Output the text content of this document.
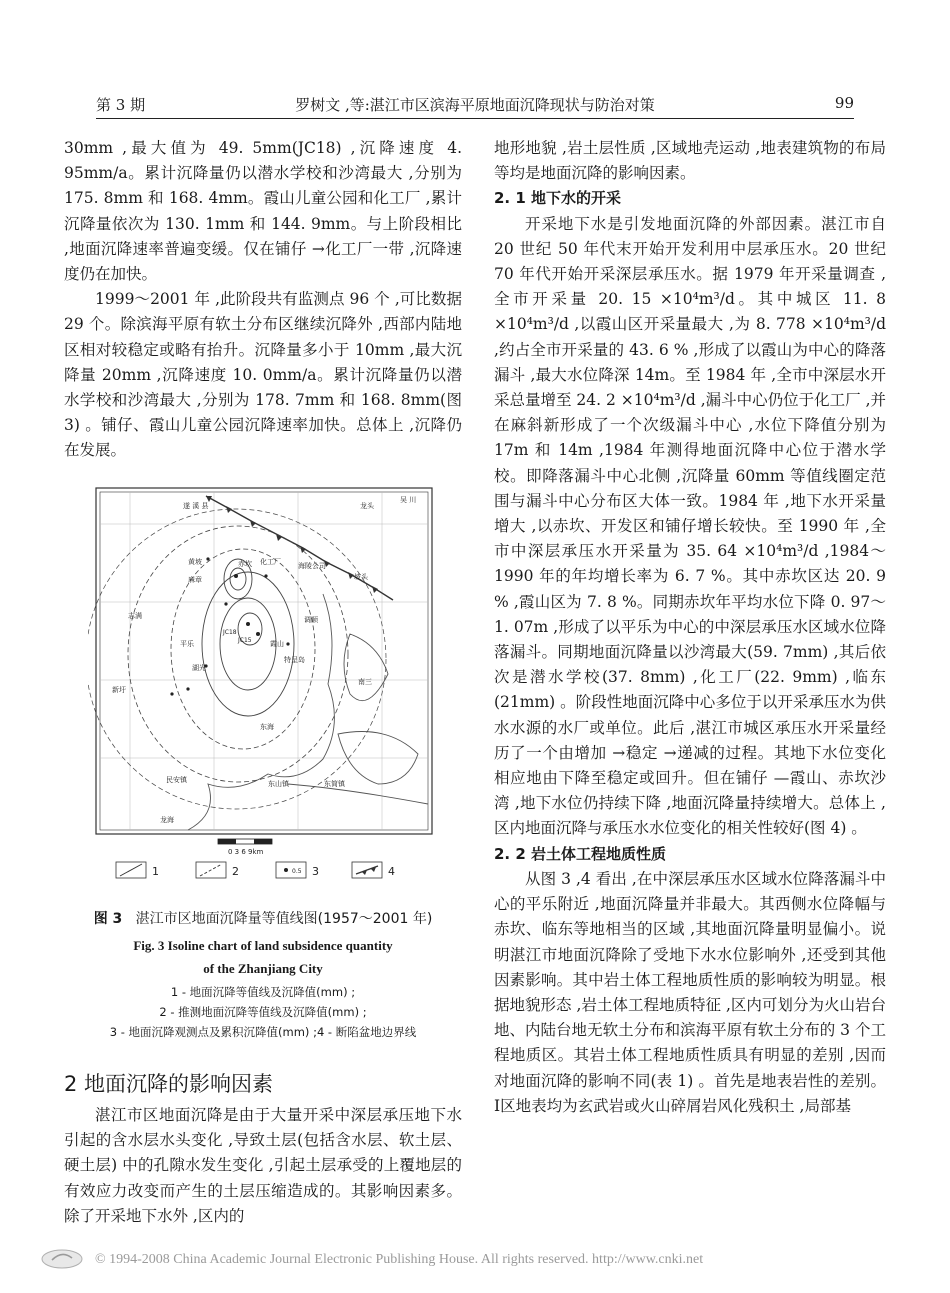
第 3 期	罗树文 ,等:湛江市区滨海平原地面沉降现状与防治对策	99

30mm ,最大值为 49. 5mm(JC18) ,沉降速度 4. 95mm/a。累计沉降量仍以潜水学校和沙湾最大 ,分别为 175. 8mm 和 168. 4mm。霞山儿童公园和化工厂 ,累计沉降量依次为 130. 1mm 和 144. 9mm。与上阶段相比 ,地面沉降速率普遍变缓。仅在铺仔 →化工厂一带 ,沉降速度仍在加快。

1999～2001 年 ,此阶段共有监测点 96 个 ,可比数据 29 个。除滨海平原有软土分布区继续沉降外 ,西部内陆地区相对较稳定或略有抬升。沉降量多小于 10mm ,最大沉降量 20mm ,沉降速度 10. 0mm/a。累计沉降量仍以潜水学校和沙湾最大 ,分别为 178. 7mm 和 168. 8mm(图 3) 。铺仔、霞山儿童公园沉降速率加快。总体上 ,沉降仍在发展。

遂 溪 县
吴 川
龙头
黄坡
志满
坡头
海陵公司
化工厂
赤坎
霞山
平乐
东山镇	东简镇
东海
特呈岛
南三
新圩
龙海
麻章
湖光
民安镇
调顺
JC18
JC15
0 3 6 9km
1	2	0.5 3	4
图 3 湛江市区地面沉降量等值线图(1957～2001 年)
Fig. 3 Isoline chart of land subsidence quantity
of the Zhanjiang City
1 - 地面沉降等值线及沉降值(mm) ;
2 - 推测地面沉降等值线及沉降值(mm) ;
3 - 地面沉降观测点及累积沉降值(mm) ;4 - 断陷盆地边界线
2 地面沉降的影响因素

湛江市区地面沉降是由于大量开采中深层承压地下水引起的含水层水头变化 ,导致土层(包括含水层、软土层、硬土层) 中的孔隙水发生变化 ,引起土层承受的上覆地层的有效应力改变而产生的土层压缩造成的。其影响因素多。除了开采地下水外 ,区内的

地形地貌 ,岩土层性质 ,区域地壳运动 ,地表建筑物的布局等均是地面沉降的影响因素。

2. 1 地下水的开采

开采地下水是引发地面沉降的外部因素。湛江市自 20 世纪 50 年代末开始开发利用中层承压水。20 世纪 70 年代开始开采深层承压水。据 1979 年开采量调查 ,全市开采量 20. 15 ×10⁴m³/d。其中城区 11. 8 ×10⁴m³/d ,以霞山区开采量最大 ,为 8. 778 ×10⁴m³/d ,约占全市开采量的 43. 6 % ,形成了以霞山为中心的降落漏斗 ,最大水位降深 14m。至 1984 年 ,全市中深层水开采总量增至 24. 2 ×10⁴m³/d ,漏斗中心仍位于化工厂 ,并在麻斜新形成了一个次级漏斗中心 ,水位下降值分别为 17m 和 14m ,1984 年测得地面沉降中心位于潜水学校。即降落漏斗中心北侧 ,沉降量 60mm 等值线圈定范围与漏斗中心分布区大体一致。1984 年 ,地下水开采量增大 ,以赤坎、开发区和铺仔增长较快。至 1990 年 ,全市中深层承压水开采量为 35. 64 ×10⁴m³/d ,1984～1990 年的年均增长率为 6. 7 %。其中赤坎区达 20. 9 % ,霞山区为 7. 8 %。同期赤坎年平均水位下降 0. 97～1. 07m ,形成了以平乐为中心的中深层承压水区域水位降落漏斗。同期地面沉降量以沙湾最大(59. 7mm) ,其后依次是潜水学校(37. 8mm) ,化工厂(22. 9mm) ,临东(21mm) 。阶段性地面沉降中心多位于以开采承压水为供水水源的水厂或单位。此后 ,湛江市城区承压水开采量经历了一个由增加 →稳定 →递减的过程。其地下水位变化相应地由下降至稳定或回升。但在铺仔 —霞山、赤坎沙湾 ,地下水位仍持续下降 ,地面沉降量持续增大。总体上 ,区内地面沉降与承压水水位变化的相关性较好(图 4) 。

2. 2 岩土体工程地质性质

从图 3 ,4 看出 ,在中深层承压水区域水位降落漏斗中心的平乐附近 ,地面沉降量并非最大。其西侧水位降幅与赤坎、临东等地相当的区域 ,其地面沉降量明显偏小。说明湛江市地面沉降除了受地下水水位影响外 ,还受到其他因素影响。其中岩土体工程地质性质的影响较为明显。根据地貌形态 ,岩土体工程地质特征 ,区内可划分为火山岩台地、内陆台地无软土分布和滨海平原有软土分布的 3 个工程地质区。其岩土体工程地质性质具有明显的差别 ,因而对地面沉降的影响不同(表 1) 。首先是地表岩性的差别。 Ⅰ区地表均为玄武岩或火山碎屑岩风化残积土 ,局部基

© 1994-2008 China Academic Journal Electronic Publishing House. All rights reserved. http://www.cnki.net
